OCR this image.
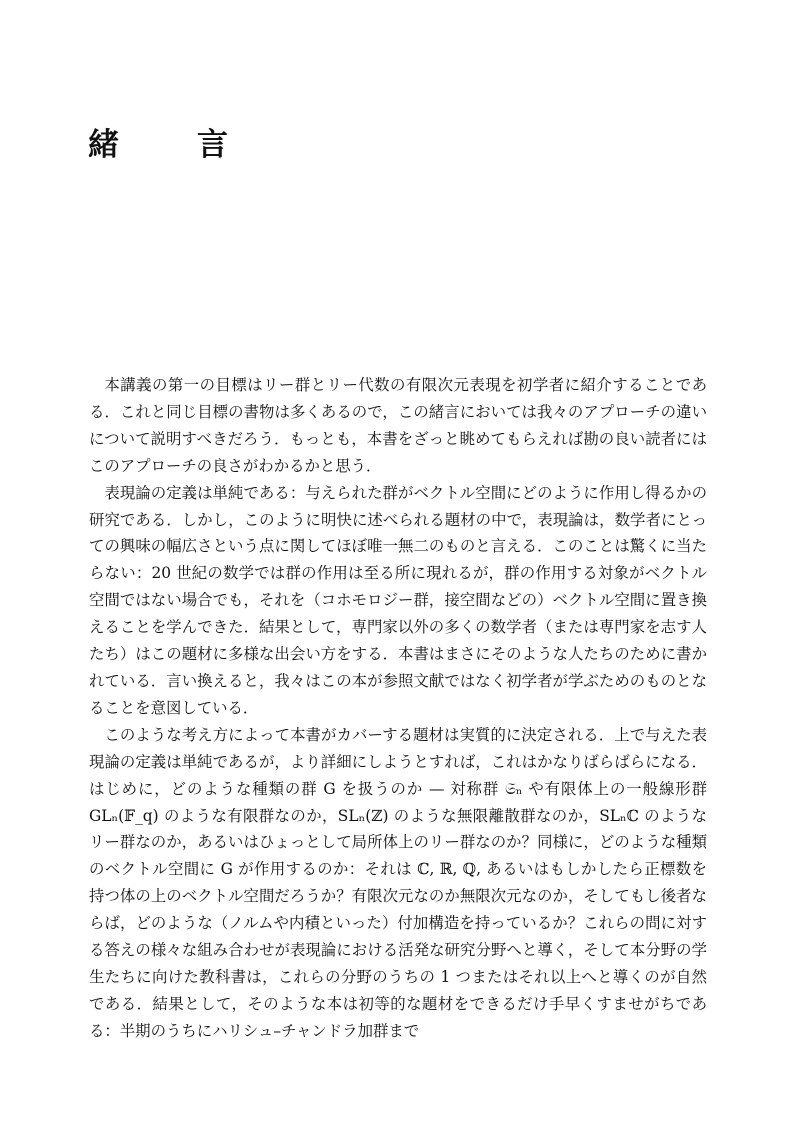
緒	言

本講義の第一の目標はリー群とリー代数の有限次元表現を初学者に紹介することである．これと同じ目標の書物は多くあるので，この緒言においては我々のアプローチの違いについて説明すべきだろう．もっとも，本書をざっと眺めてもらえれば勘の良い読者にはこのアプローチの良さがわかるかと思う．

表現論の定義は単純である：与えられた群がベクトル空間にどのように作用し得るかの研究である．しかし，このように明快に述べられる題材の中で，表現論は，数学者にとっての興味の幅広さという点に関してほぼ唯一無二のものと言える．このことは驚くに当たらない：20 世紀の数学では群の作用は至る所に現れるが，群の作用する対象がベクトル空間ではない場合でも，それを（コホモロジー群，接空間などの）ベクトル空間に置き換えることを学んできた．結果として，専門家以外の多くの数学者（または専門家を志す人たち）はこの題材に多様な出会い方をする．本書はまさにそのような人たちのために書かれている．言い換えると，我々はこの本が参照文献ではなく初学者が学ぶためのものとなることを意図している．

このような考え方によって本書がカバーする題材は実質的に決定される．上で与えた表現論の定義は単純であるが，より詳細にしようとすれば，これはかなりばらばらになる．はじめに，どのような種類の群 G を扱うのか — 対称群 𝔖ₙ や有限体上の一般線形群 GLₙ(𝔽_q) のような有限群なのか，SLₙ(ℤ) のような無限離散群なのか，SLₙℂ のようなリー群なのか，あるいはひょっとして局所体上のリー群なのか？同様に，どのような種類のベクトル空間に G が作用するのか：それは ℂ, ℝ, ℚ, あるいはもしかしたら正標数を持つ体の上のベクトル空間だろうか？有限次元なのか無限次元なのか，そしてもし後者ならば，どのような（ノルムや内積といった）付加構造を持っているか？これらの問に対する答えの様々な組み合わせが表現論における活発な研究分野へと導く，そして本分野の学生たちに向けた教科書は，これらの分野のうちの 1 つまたはそれ以上へと導くのが自然である．結果として，そのような本は初等的な題材をできるだけ手早くすませがちである：半期のうちにハリシュ–チャンドラ加群まで
